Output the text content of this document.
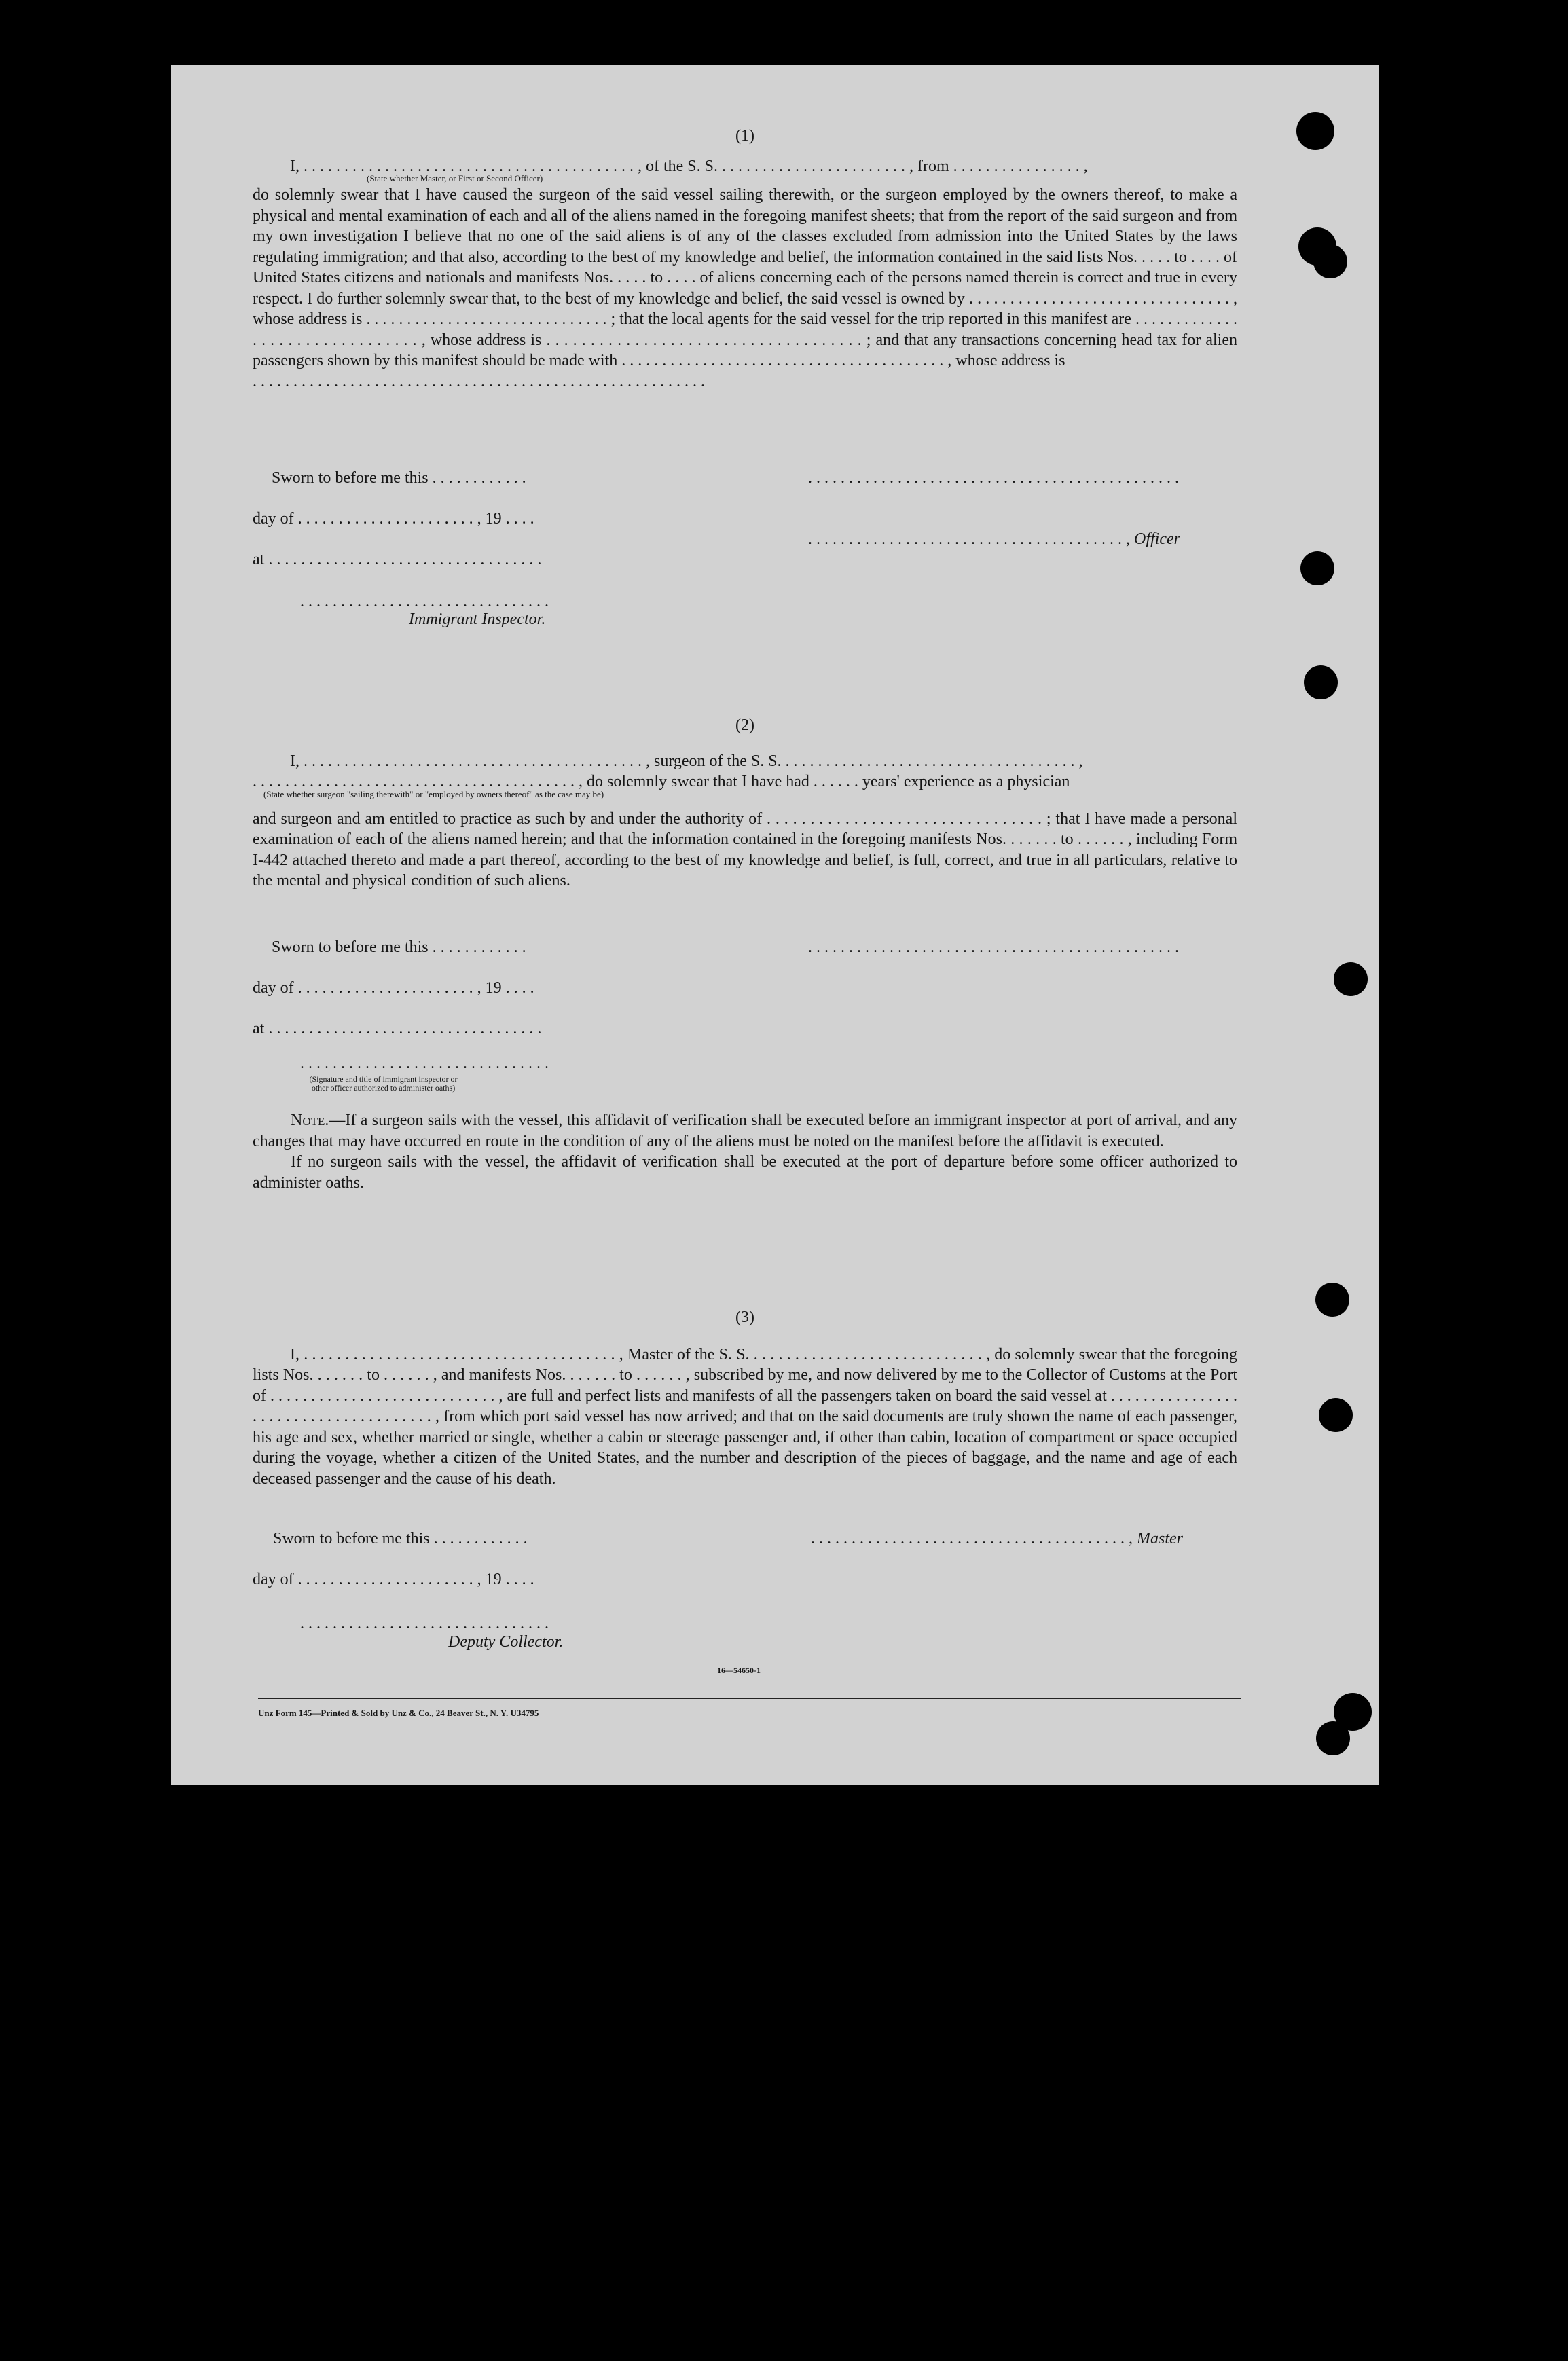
(1)
I, . . . . . . . . . . . . . . . . . . . . . . . . . . . . . . . . . . . . . . . . . , of the S. S. . . . . . . . . . . . . . . . . . . . . . . . , from . . . . . . . . . . . . . . . . ,
(State whether Master, or First or Second Officer)
do solemnly swear that I have caused the surgeon of the said vessel sailing therewith, or the surgeon employed by the owners thereof, to make a physical and mental examination of each and all of the aliens named in the foregoing manifest sheets; that from the report of the said surgeon and from my own investigation I believe that no one of the said aliens is of any of the classes excluded from admission into the United States by the laws regulating immigration; and that also, according to the best of my knowledge and belief, the information contained in the said lists Nos. . . . . to . . . . of United States citizens and nationals and manifests Nos. . . . . to . . . . of aliens concerning each of the persons named therein is correct and true in every respect. I do further solemnly swear that, to the best of my knowledge and belief, the said vessel is owned by . . . . . . . . . . . . . . . . . . . . . . . . . . . . . . . . , whose address is . . . . . . . . . . . . . . . . . . . . . . . . . . . . . . ; that the local agents for the said vessel for the trip reported in this manifest are . . . . . . . . . . . . . . . . . . . . . . . . . . . . . . . . , whose address is . . . . . . . . . . . . . . . . . . . . . . . . . . . . . . . . . . . . ; and that any transactions concerning head tax for alien passengers shown by this manifest should be made with . . . . . . . . . . . . . . . . . . . . . . . . . . . . . . . . . . . . . . . . , whose address is
. . . . . . . . . . . . . . . . . . . . . . . . . . . . . . . . . . . . . . . . . . . . . . . . . . . . . . . .
Sworn to before me this . . . . . . . . . . . .	. . . . . . . . . . . . . . . . . . . . . . . . . . . . . . . . . . . . . . . . . . . . . .
day of . . . . . . . . . . . . . . . . . . . . . . , 19 . . . .
. . . . . . . . . . . . . . . . . . . . . . . . . . . . . . . . . . . . . . . , Officer
at . . . . . . . . . . . . . . . . . . . . . . . . . . . . . . . . . .
. . . . . . . . . . . . . . . . . . . . . . . . . . . . . . .
Immigrant Inspector.
(2)
I, . . . . . . . . . . . . . . . . . . . . . . . . . . . . . . . . . . . . . . . . . . , surgeon of the S. S. . . . . . . . . . . . . . . . . . . . . . . . . . . . . . . . . . . . . ,
. . . . . . . . . . . . . . . . . . . . . . . . . . . . . . . . . . . . . . . . , do solemnly swear that I have had . . . . . . years' experience as a physician
(State whether surgeon "sailing therewith" or "employed by owners thereof" as the case may be)
and surgeon and am entitled to practice as such by and under the authority of . . . . . . . . . . . . . . . . . . . . . . . . . . . . . . . . ; that I have made a personal examination of each of the aliens named herein; and that the information contained in the foregoing manifests Nos. . . . . . . to . . . . . . , including Form I-442 attached thereto and made a part thereof, according to the best of my knowledge and belief, is full, correct, and true in all particulars, relative to the mental and physical condition of such aliens.
Sworn to before me this . . . . . . . . . . . .	. . . . . . . . . . . . . . . . . . . . . . . . . . . . . . . . . . . . . . . . . . . . . .
day of . . . . . . . . . . . . . . . . . . . . . . , 19 . . . .
at . . . . . . . . . . . . . . . . . . . . . . . . . . . . . . . . . .
. . . . . . . . . . . . . . . . . . . . . . . . . . . . . . .
(Signature and title of immigrant inspector or
other officer authorized to administer oaths)
Note.—If a surgeon sails with the vessel, this affidavit of verification shall be executed before an immigrant inspector at port of arrival, and any changes that may have occurred en route in the condition of any of the aliens must be noted on the manifest before the affidavit is executed.
If no surgeon sails with the vessel, the affidavit of verification shall be executed at the port of departure before some officer authorized to administer oaths.
(3)
I, . . . . . . . . . . . . . . . . . . . . . . . . . . . . . . . . . . . . . . , Master of the S. S. . . . . . . . . . . . . . . . . . . . . . . . . . . . . , do solemnly swear that the foregoing lists Nos. . . . . . . to . . . . . . , and manifests Nos. . . . . . . to . . . . . . , subscribed by me, and now delivered by me to the Collector of Customs at the Port of . . . . . . . . . . . . . . . . . . . . . . . . . . . . , are full and perfect lists and manifests of all the passengers taken on board the said vessel at . . . . . . . . . . . . . . . . . . . . . . . . . . . . . . . . . . . . . . , from which port said vessel has now arrived; and that on the said documents are truly shown the name of each passenger, his age and sex, whether married or single, whether a cabin or steerage passenger and, if other than cabin, location of compartment or space occupied during the voyage, whether a citizen of the United States, and the number and description of the pieces of baggage, and the name and age of each deceased passenger and the cause of his death.
Sworn to before me this . . . . . . . . . . . .	. . . . . . . . . . . . . . . . . . . . . . . . . . . . . . . . . . . . . . . , Master
day of . . . . . . . . . . . . . . . . . . . . . . , 19 . . . .
. . . . . . . . . . . . . . . . . . . . . . . . . . . . . . .
Deputy Collector.
16—54650-1
Unz Form 145—Printed & Sold by Unz & Co., 24 Beaver St., N. Y. U34795
